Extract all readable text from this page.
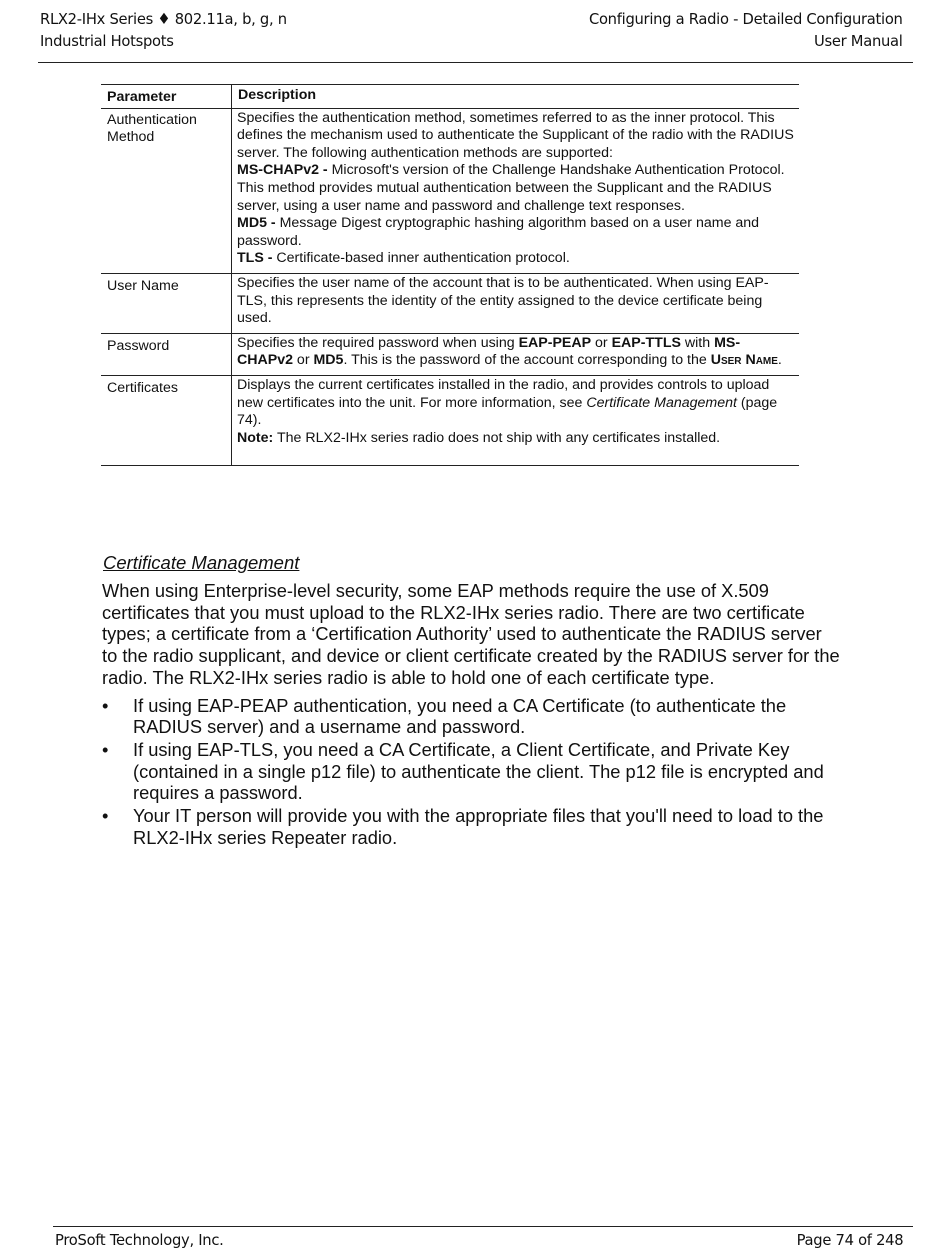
RLX2-IHx Series ♦ 802.11a, b, g, n
Industrial Hotspots
Configuring a Radio - Detailed Configuration
User Manual
Parameter	Description
Authentication Method	Specifies the authentication method, sometimes referred to as the inner protocol. This defines the mechanism used to authenticate the Supplicant of the radio with the RADIUS server. The following authentication methods are supported:
MS-CHAPv2 - Microsoft's version of the Challenge Handshake Authentication Protocol. This method provides mutual authentication between the Supplicant and the RADIUS server, using a user name and password and challenge text responses.
MD5 - Message Digest cryptographic hashing algorithm based on a user name and password.
TLS - Certificate-based inner authentication protocol.
User Name	Specifies the user name of the account that is to be authenticated. When using EAP-TLS, this represents the identity of the entity assigned to the device certificate being used.
Password	Specifies the required password when using EAP-PEAP or EAP-TTLS with MS-CHAPv2 or MD5. This is the password of the account corresponding to the User Name.
Certificates	Displays the current certificates installed in the radio, and provides controls to upload new certificates into the unit. For more information, see Certificate Management (page 74).
Note: The RLX2-IHx series radio does not ship with any certificates installed.
Certificate Management

When using Enterprise-level security, some EAP methods require the use of X.509 certificates that you must upload to the RLX2-IHx series radio. There are two certificate types; a certificate from a ‘Certification Authority’ used to authenticate the RADIUS server to the radio supplicant, and device or client certificate created by the RADIUS server for the radio. The RLX2-IHx series radio is able to hold one of each certificate type.

• If using EAP-PEAP authentication, you need a CA Certificate (to authenticate the RADIUS server) and a username and password.
• If using EAP-TLS, you need a CA Certificate, a Client Certificate, and Private Key (contained in a single p12 file) to authenticate the client. The p12 file is encrypted and requires a password.
• Your IT person will provide you with the appropriate files that you'll need to load to the RLX2-IHx series Repeater radio.
ProSoft Technology, Inc.	Page 74 of 248
